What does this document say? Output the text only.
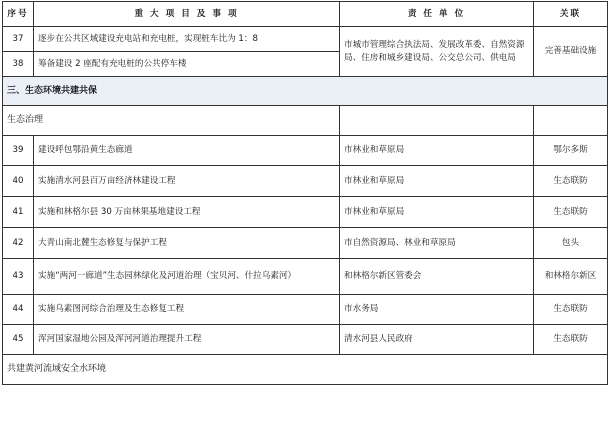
序号	重 大 项 目 及 事 项	责 任 单 位	关联
37	逐步在公共区域建设充电站和充电桩，实现桩车比为 1：8	市城市管理综合执法局、发展改革委、自然资源局、住房和城乡建设局、公交总公司、供电局	完善基础设施
38	筹备建设 2 座配有充电桩的公共停车楼		
三、生态环境共建共保			
生态治理			
39	建设呼包鄂沿黄生态廊道	市林业和草原局	鄂尔多斯
40	实施清水河县百万亩经济林建设工程	市林业和草原局	生态联防
41	实施和林格尔县 30 万亩林果基地建设工程	市林业和草原局	生态联防
42	大青山南北麓生态修复与保护工程	市自然资源局、林业和草原局	包头
43	实施“两河一廊道”生态园林绿化及河道治理（宝贝河、什拉乌素河）	和林格尔新区管委会	和林格尔新区
44	实施乌素图河综合治理及生态修复工程	市水务局	生态联防
45	浑河国家湿地公园及浑河河道治理提升工程	清水河县人民政府	生态联防
共建黄河流域安全水环境			
